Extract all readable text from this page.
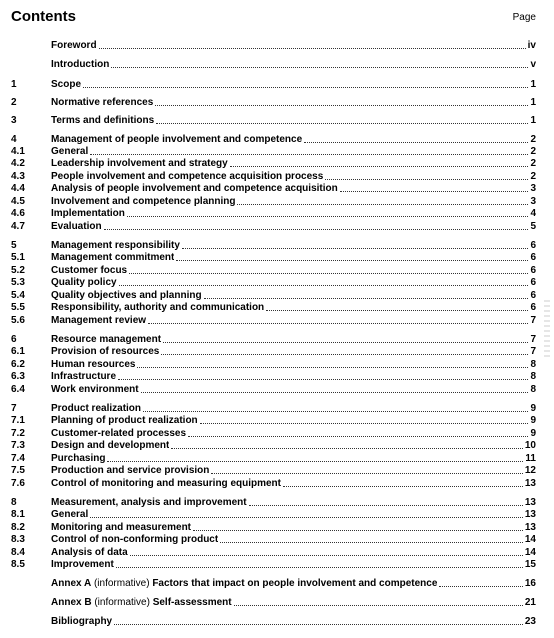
Contents	Page
Foreword	iv
Introduction	v
1	Scope	1
2	Normative references	1
3	Terms and definitions	1
4	Management of people involvement and competence	2
4.1	General	2
4.2	Leadership involvement and strategy	2
4.3	People involvement and competence acquisition process	2
4.4	Analysis of people involvement and competence acquisition	3
4.5	Involvement and competence planning	3
4.6	Implementation	4
4.7	Evaluation	5
5	Management responsibility	6
5.1	Management commitment	6
5.2	Customer focus	6
5.3	Quality policy	6
5.4	Quality objectives and planning	6
5.5	Responsibility, authority and communication	6
5.6	Management review	7
6	Resource management	7
6.1	Provision of resources	7
6.2	Human resources	8
6.3	Infrastructure	8
6.4	Work environment	8
7	Product realization	9
7.1	Planning of product realization	9
7.2	Customer-related processes	9
7.3	Design and development	10
7.4	Purchasing	11
7.5	Production and service provision	12
7.6	Control of monitoring and measuring equipment	13
8	Measurement, analysis and improvement	13
8.1	General	13
8.2	Monitoring and measurement	13
8.3	Control of non-conforming product	14
8.4	Analysis of data	14
8.5	Improvement	15
Annex A (informative) Factors that impact on people involvement and competence	16
Annex B (informative) Self-assessment	21
Bibliography	23
